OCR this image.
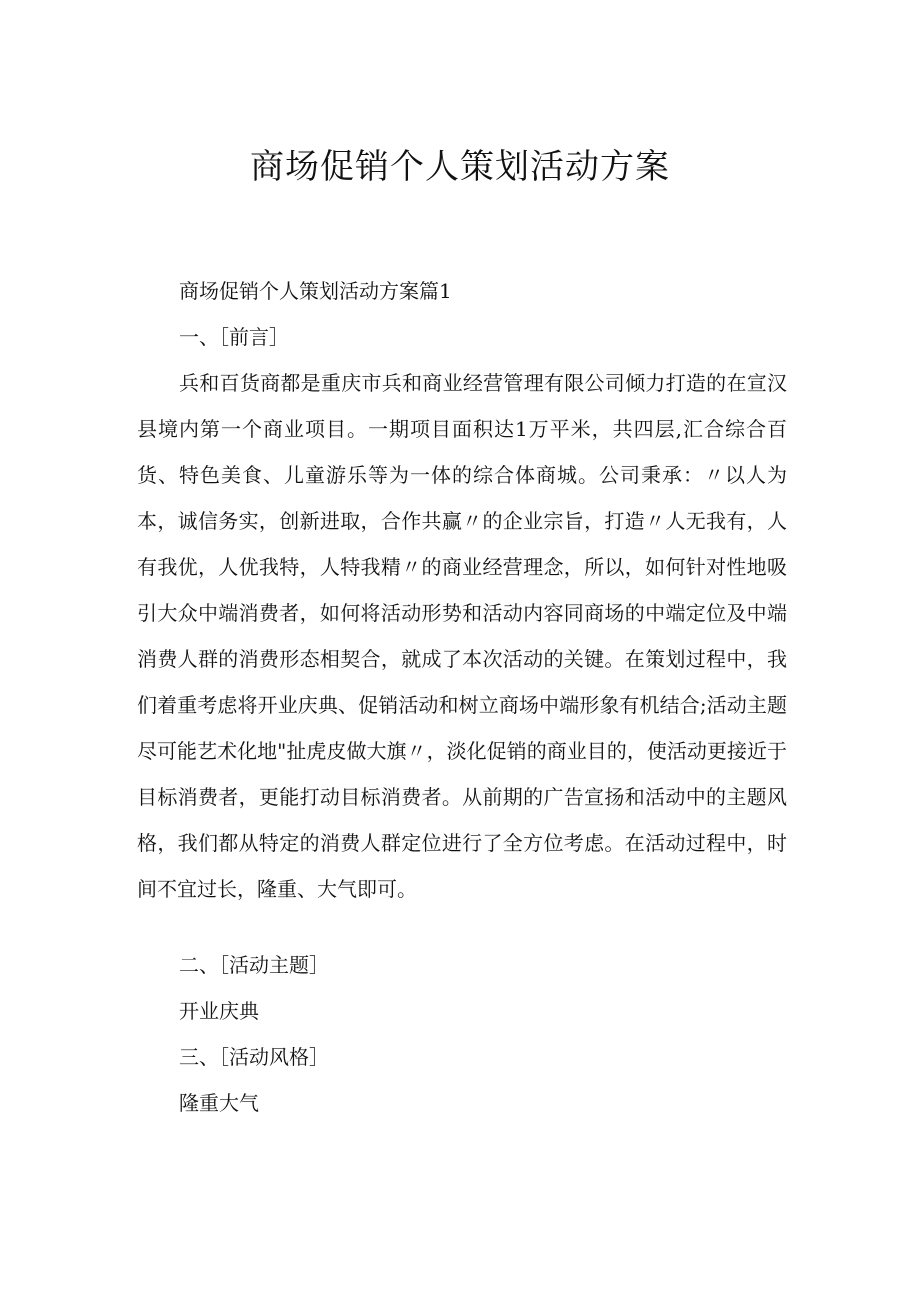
商场促销个人策划活动方案

商场促销个人策划活动方案篇1

一、［前言］

兵和百货商都是重庆市兵和商业经营管理有限公司倾力打造的在宣汉县境内第一个商业项目。一期项目面积达1万平米，共四层,汇合综合百货、特色美食、儿童游乐等为一体的综合体商城。公司秉承：〃以人为本，诚信务实，创新进取，合作共赢〃的企业宗旨，打造〃人无我有，人有我优，人优我特，人特我精〃的商业经营理念，所以，如何针对性地吸引大众中端消费者，如何将活动形势和活动内容同商场的中端定位及中端消费人群的消费形态相契合，就成了本次活动的关键。在策划过程中，我们着重考虑将开业庆典、促销活动和树立商场中端形象有机结合;活动主题尽可能艺术化地"扯虎皮做大旗〃，淡化促销的商业目的，使活动更接近于目标消费者，更能打动目标消费者。从前期的广告宣扬和活动中的主题风格，我们都从特定的消费人群定位进行了全方位考虑。在活动过程中，时间不宜过长，隆重、大气即可。

二、［活动主题］

开业庆典

三、［活动风格］

隆重大气
